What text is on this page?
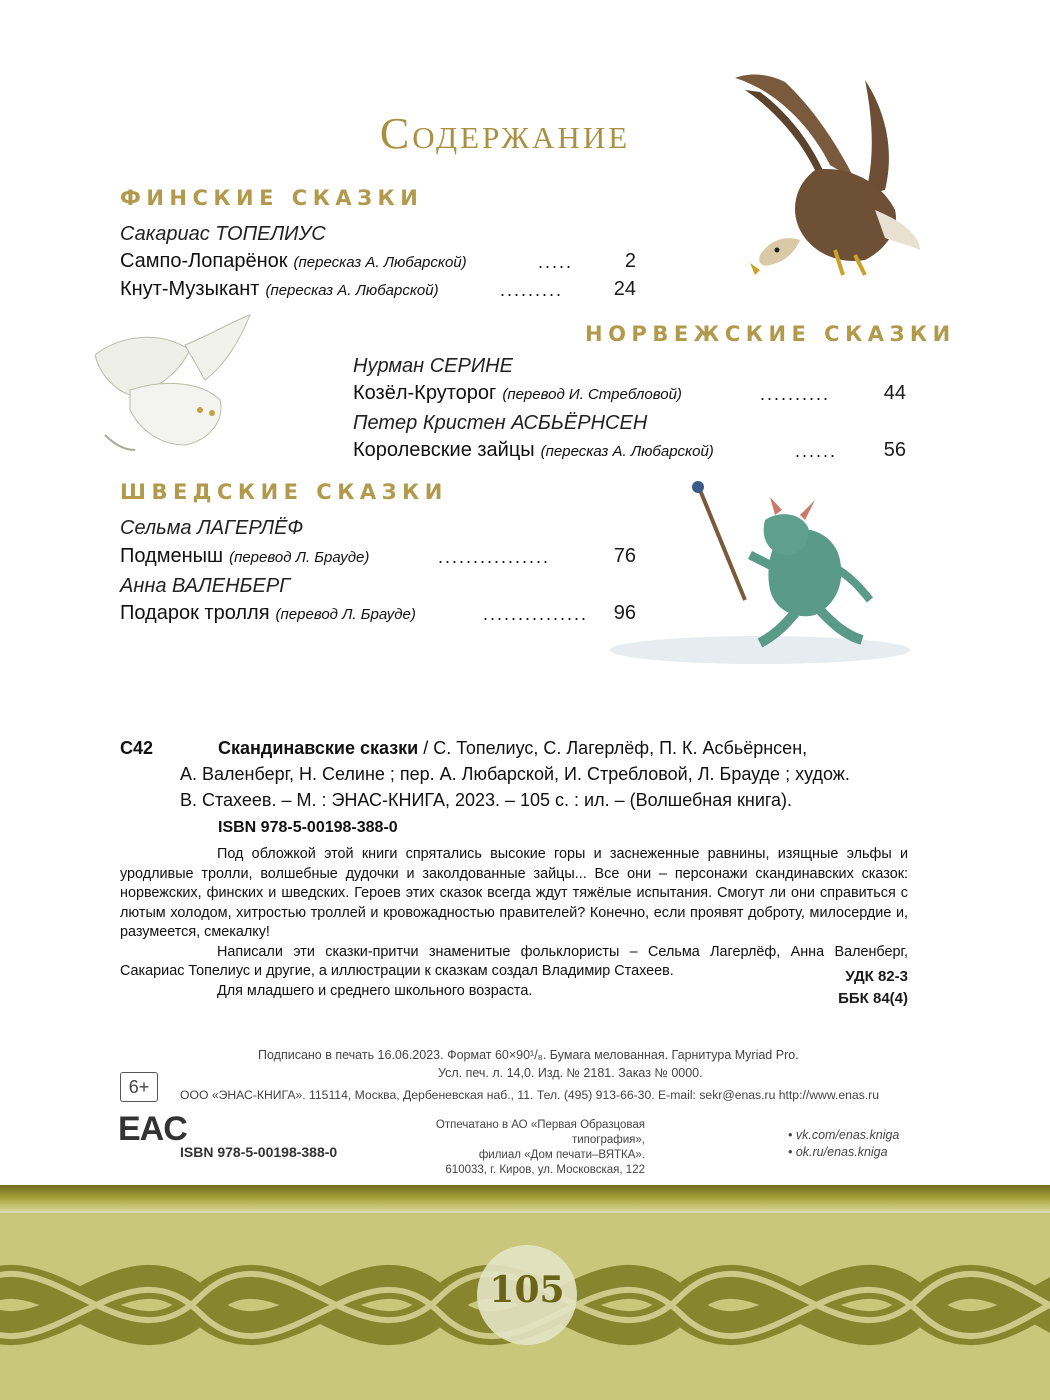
Содержание
ФИНСКИЕ СКАЗКИ
Сакариас ТОПЕЛИУС
Сампо-Лопарёнок (пересказ А. Любарской)	.....	2
Кнут-Музыкант (пересказ А. Любарской)	.........	24
НОРВЕЖСКИЕ СКАЗКИ
Нурман СЕРИНЕ
Козёл-Круторог (перевод И. Стребловой)	..........	44
Петер Кристен АСБЬЁРНСЕН
Королевские зайцы (пересказ А. Любарской)	......	56
ШВЕДСКИЕ СКАЗКИ
Сельма ЛАГЕРЛЁФ
Подменыш (перевод Л. Брауде)	................	76
Анна ВАЛЕНБЕРГ
Подарок тролля (перевод Л. Брауде)	...............	96
С42	Скандинавские сказки / С. Топелиус, С. Лагерлёф, П. К. Асбьёрнсен,
А. Валенберг, Н. Селине ; пер. А. Любарской, И. Стребловой, Л. Брауде ; худож.
В. Стахеев. – М. : ЭНАС-КНИГА, 2023. – 105 с. : ил. – (Волшебная книга).
ISBN 978-5-00198-388-0

Под обложкой этой книги спрятались высокие горы и заснеженные равнины, изящные эльфы и уродливые тролли, волшебные дудочки и заколдованные зайцы... Все они – персонажи скандинавских сказок: норвежских, финских и шведских. Героев этих сказок всегда ждут тяжёлые испытания. Смогут ли они справиться с лютым холодом, хитростью троллей и кровожадностью правителей? Конечно, если проявят доброту, милосердие и, разумеется, смекалку!

Написали эти сказки-притчи знаменитые фольклористы – Сельма Лагерлёф, Анна Валенберг, Сакариас Топелиус и другие, а иллюстрации к сказкам создал Владимир Стахеев.

Для младшего и среднего школьного возраста.

УДК 82-3
ББК 84(4)
Подписано в печать 16.06.2023. Формат 60×90¹/₈. Бумага мелованная. Гарнитура Myriad Pro.
Усл. печ. л. 14,0. Изд. № 2181. Заказ № 0000.
ООО «ЭНАС-КНИГА». 115114, Москва, Дербеневская наб., 11. Тел. (495) 913-66-30. E-mail: sekr@enas.ru http://www.enas.ru
6+
EAC
ISBN 978-5-00198-388-0
Отпечатано в АО «Первая Образцовая типография»,
филиал «Дом печати–ВЯТКА».
610033, г. Киров, ул. Московская, 122
• vk.com/enas.kniga
• ok.ru/enas.kniga
105
